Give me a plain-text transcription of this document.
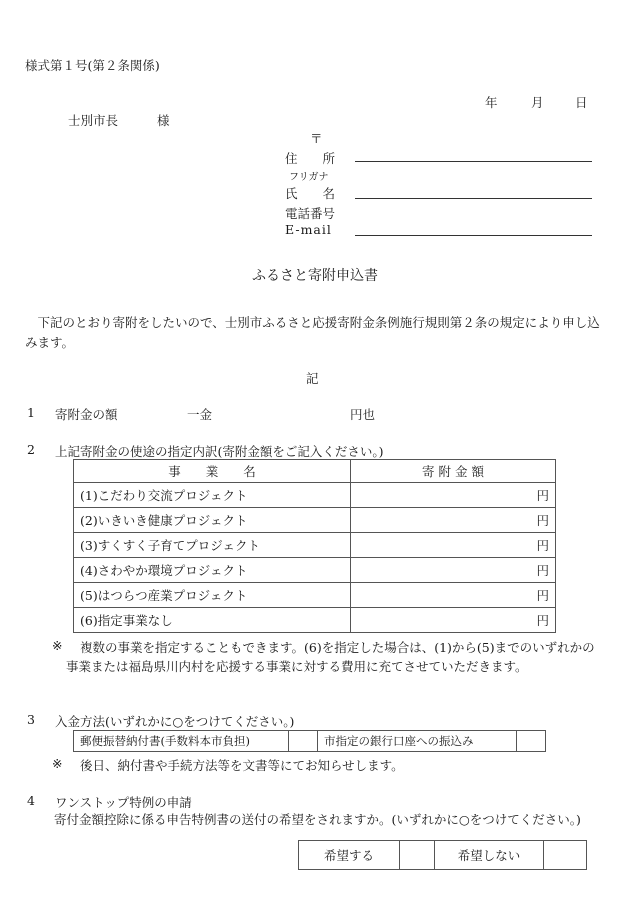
様式第１号(第２条関係)
年	月	日
士別市長	様
〒
住　　所
フリガナ
氏　　名
電話番号
E-mail
ふるさと寄附申込書
　下記のとおり寄附をしたいので、士別市ふるさと応援寄附金条例施行規則第２条の規定により申し込みます。
記
1 寄附金の額	一金	円也
2 上記寄附金の使途の指定内訳(寄附金額をご記入ください。)
事　　業　　名	寄 附 金 額
(1)こだわり交流プロジェクト	円
(2)いきいき健康プロジェクト	円
(3)すくすく子育てプロジェクト	円
(4)さわやか環境プロジェクト	円
(5)はつらつ産業プロジェクト	円
(6)指定事業なし	円
※	複数の事業を指定することもできます。(6)を指定した場合は、(1)から(5)までのいずれかの事業または福島県川内村を応援する事業に対する費用に充てさせていただきます。
3 入金方法(いずれかに○をつけてください。)
郵便振替納付書(手数料本市負担)		市指定の銀行口座への振込み	
※ 後日、納付書や手続方法等を文書等にてお知らせします。
4 ワンストップ特例の申請
寄付金額控除に係る申告特例書の送付の希望をされますか。(いずれかに○をつけてください。)
希望する		希望しない	
